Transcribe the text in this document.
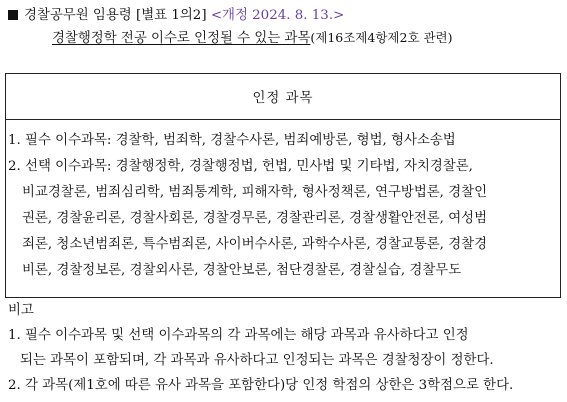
경찰공무원 임용령 [별표 1의2] <개정 2024. 8. 13.>
경찰행정학 전공 이수로 인정될 수 있는 과목(제16조제4항제2호 관련)
인정 과목
1. 필수 이수과목: 경찰학, 범죄학, 경찰수사론, 범죄예방론, 형법, 형사소송법
2. 선택 이수과목: 경찰행정학, 경찰행정법, 헌법, 민사법 및 기타법, 자치경찰론,
비교경찰론, 범죄심리학, 범죄통계학, 피해자학, 형사정책론, 연구방법론, 경찰인
권론, 경찰윤리론, 경찰사회론, 경찰경무론, 경찰관리론, 경찰생활안전론, 여성범
죄론, 청소년범죄론, 특수범죄론, 사이버수사론, 과학수사론, 경찰교통론, 경찰경
비론, 경찰정보론, 경찰외사론, 경찰안보론, 첨단경찰론, 경찰실습, 경찰무도
비고
1. 필수 이수과목 및 선택 이수과목의 각 과목에는 해당 과목과 유사하다고 인정
되는 과목이 포함되며, 각 과목과 유사하다고 인정되는 과목은 경찰청장이 정한다.
2. 각 과목(제1호에 따른 유사 과목을 포함한다)당 인정 학점의 상한은 3학점으로 한다.
